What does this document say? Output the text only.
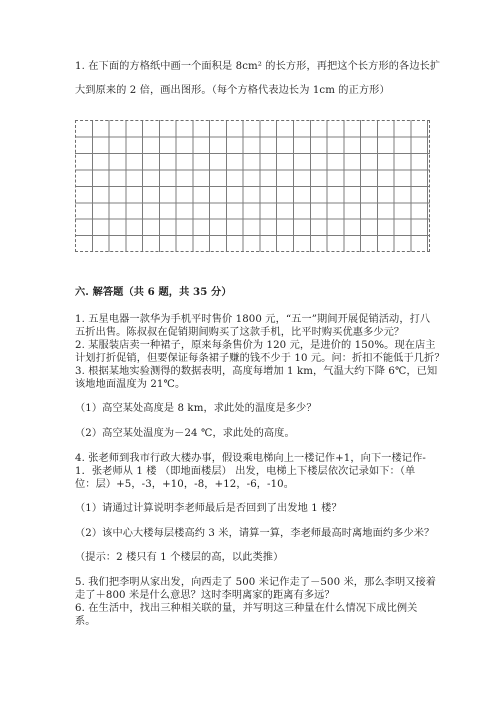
1. 在下面的方格纸中画一个面积是 8cm² 的长方形，再把这个长方形的各边长扩
大到原来的 2 倍，画出图形。（每个方格代表边长为 1cm 的正方形）
六. 解答题（共 6 题，共 35 分）
1. 五星电器一款华为手机平时售价 1800 元，“五一”期间开展促销活动，打八
五折出售。陈叔叔在促销期间购买了这款手机，比平时购买优惠多少元？
2. 某服装店卖一种裙子，原来每条售价为 120 元，是进价的 150%。现在店主
计划打折促销，但要保证每条裙子赚的钱不少于 10 元。问：折扣不能低于几折？
3. 根据某地实验测得的数据表明，高度每增加 1 km，气温大约下降 6℃，已知
该地地面温度为 21℃。
（1）高空某处高度是 8 km，求此处的温度是多少？
（2）高空某处温度为－24 ℃，求此处的高度。
4. 张老师到我市行政大楼办事，假设乘电梯向上一楼记作+1，向下一楼记作-
1．张老师从 1 楼 （即地面楼层） 出发，电梯上下楼层依次记录如下：（单
位：层）+5，-3，+10，-8，+12，-6，-10。
（1）请通过计算说明李老师最后是否回到了出发地 1 楼？
（2）该中心大楼每层楼高约 3 米，请算一算，李老师最高时离地面约多少米？
（提示：2 楼只有 1 个楼层的高，以此类推）
5. 我们把李明从家出发，向西走了 500 米记作走了－500 米，那么李明又接着
走了＋800 米是什么意思？这时李明离家的距离有多远？
6. 在生活中，找出三种相关联的量，并写明这三种量在什么情况下成比例关
系。
